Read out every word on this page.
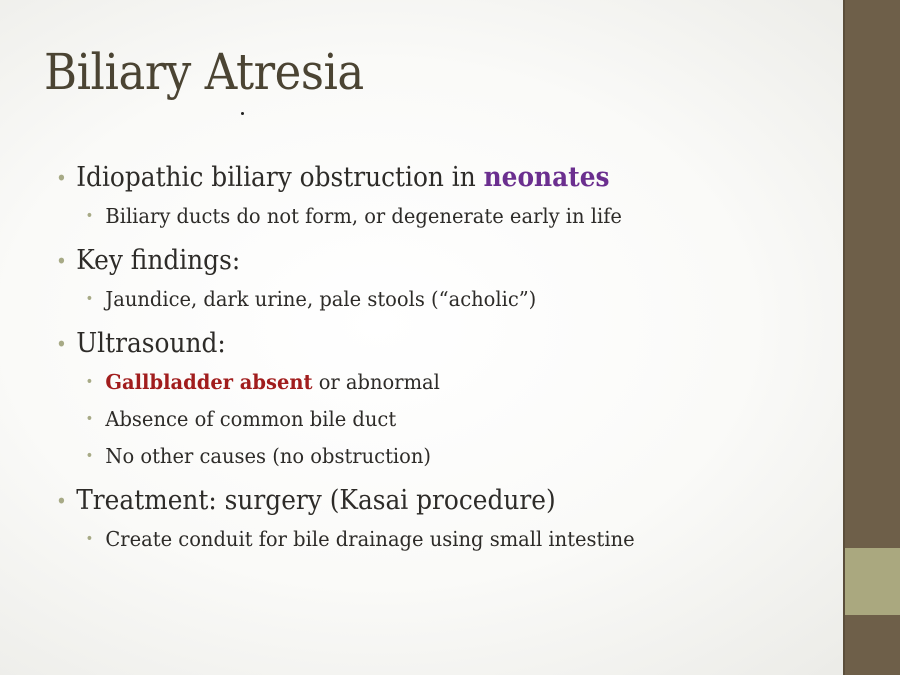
Biliary Atresia
• Idiopathic biliary obstruction in neonates
• Biliary ducts do not form, or degenerate early in life
• Key findings:
• Jaundice, dark urine, pale stools (“acholic”)
• Ultrasound:
• Gallbladder absent or abnormal
• Absence of common bile duct
• No other causes (no obstruction)
• Treatment: surgery (Kasai procedure)
• Create conduit for bile drainage using small intestine
